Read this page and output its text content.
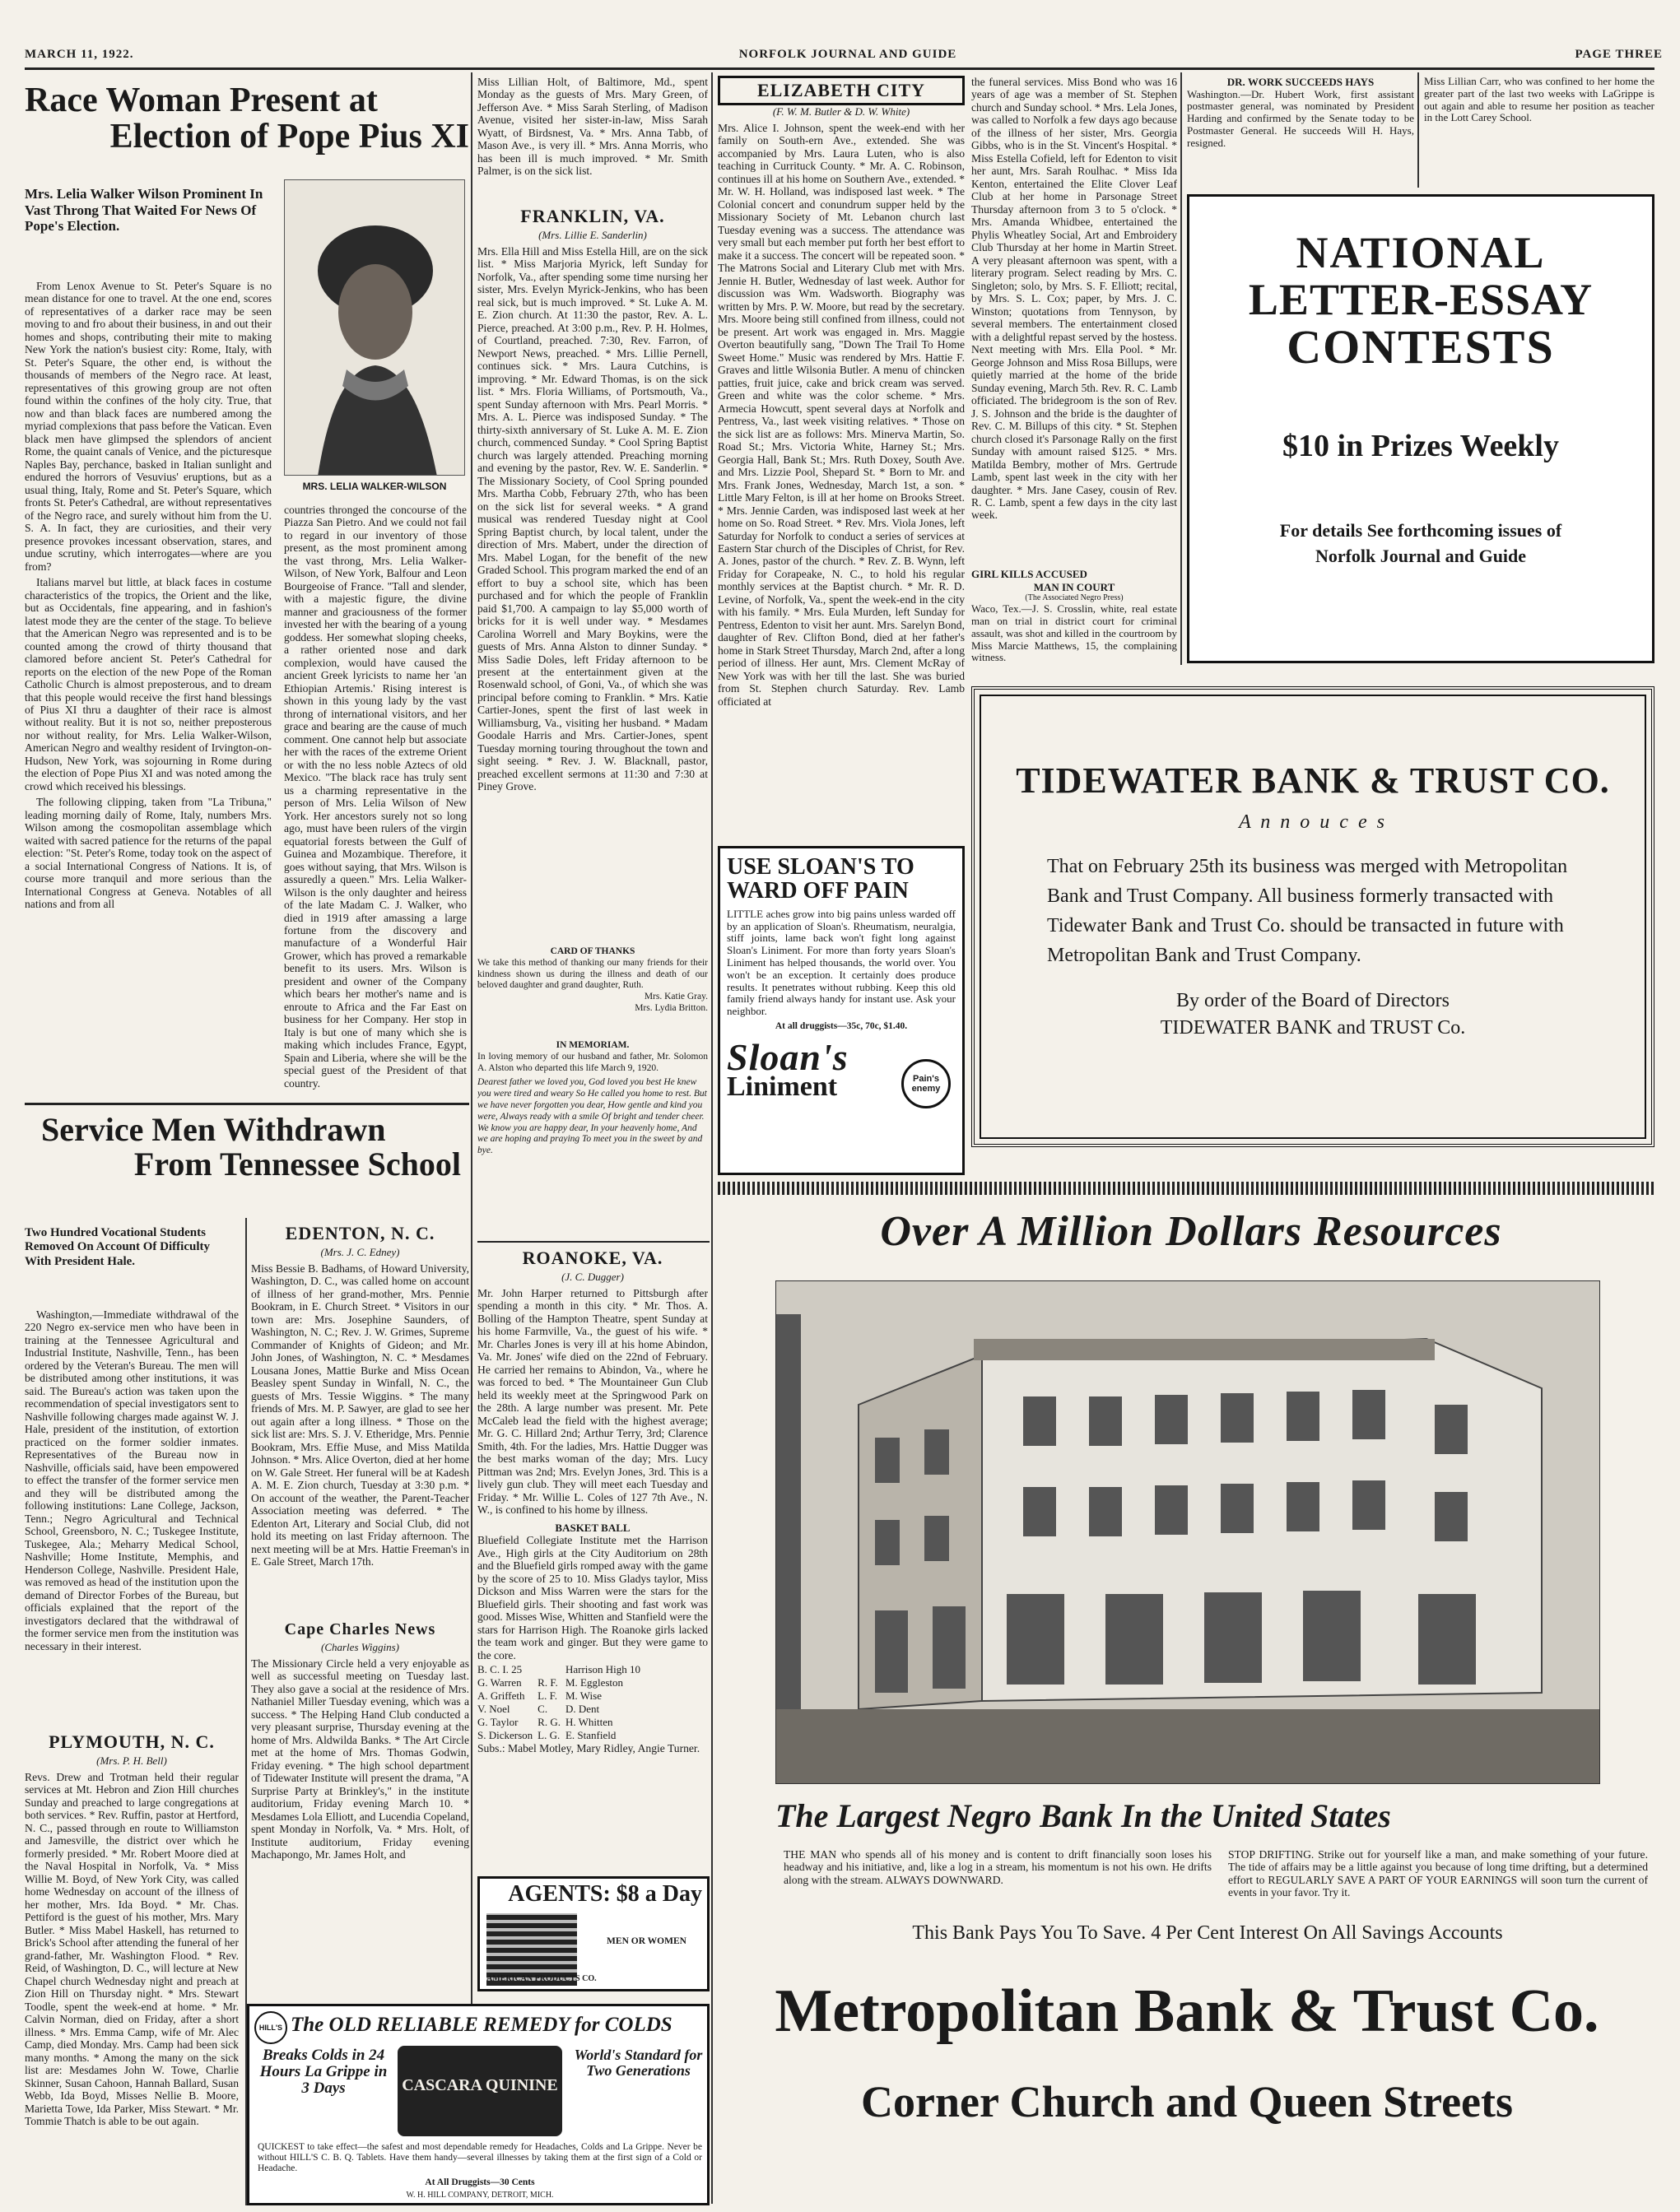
MARCH 11, 1922.	NORFOLK JOURNAL AND GUIDE	PAGE THREE
Race Woman Present at
Election of Pope Pius XI
Mrs. Lelia Walker Wilson Prominent In Vast Throng That Waited For News Of Pope's Election.

From Lenox Avenue to St. Peter's Square is no mean distance for one to travel. At the one end, scores of representatives of a darker race may be seen moving to and fro about their business, in and out their homes and shops, contributing their mite to making New York the nation's busiest city: Rome, Italy, with St. Peter's Square, the other end, is without the thousands of members of the Negro race. At least, representatives of this growing group are not often found within the confines of the holy city. True, that now and than black faces are numbered among the myriad complexions that pass before the Vatican. Even black men have glimpsed the splendors of ancient Rome, the quaint canals of Venice, and the picturesque Naples Bay, perchance, basked in Italian sunlight and endured the horrors of Vesuvius' eruptions, but as a usual thing, Italy, Rome and St. Peter's Square, which fronts St. Peter's Cathedral, are without representatives of the Negro race, and surely without him from the U. S. A. In fact, they are curiosities, and their very presence provokes incessant observation, stares, and undue scrutiny, which interrogates—where are you from?

Italians marvel but little, at black faces in costume characteristics of the tropics, the Orient and the like, but as Occidentals, fine appearing, and in fashion's latest mode they are the center of the stage. To believe that the American Negro was represented and is to be counted among the crowd of thirty thousand that clamored before ancient St. Peter's Cathedral for reports on the election of the new Pope of the Roman Catholic Church is almost preposterous, and to dream that this people would receive the first hand blessings of Pius XI thru a daughter of their race is almost without reality. But it is not so, neither preposterous nor without reality, for Mrs. Lelia Walker-Wilson, American Negro and wealthy resident of Irvington-on-Hudson, New York, was sojourning in Rome during the election of Pope Pius XI and was noted among the crowd which received his blessings.

The following clipping, taken from "La Tribuna," leading morning daily of Rome, Italy, numbers Mrs. Wilson among the cosmopolitan assemblage which waited with sacred patience for the returns of the papal election: "St. Peter's Rome, today took on the aspect of a social International Congress of Nations. It is, of course more tranquil and more serious than the International Congress at Geneva. Notables of all nations and from all

MRS. LELIA WALKER-WILSON

countries thronged the concourse of the Piazza San Pietro. And we could not fail to regard in our inventory of those present, as the most prominent among the vast throng, Mrs. Lelia Walker-Wilson, of New York, Balfour and Leon Bourgeoise of France. "Tall and slender, with a majestic figure, the divine manner and graciousness of the former invested her with the bearing of a young goddess. Her somewhat sloping cheeks, a rather oriented nose and dark complexion, would have caused the ancient Greek lyricists to name her 'an Ethiopian Artemis.' Rising interest is shown in this young lady by the vast throng of international visitors, and her grace and bearing are the cause of much comment. One cannot help but associate her with the races of the extreme Orient or with the no less noble Aztecs of old Mexico. "The black race has truly sent us a charming representative in the person of Mrs. Lelia Wilson of New York. Her ancestors surely not so long ago, must have been rulers of the virgin equatorial forests between the Gulf of Guinea and Mozambique. Therefore, it goes without saying, that Mrs. Wilson is assuredly a queen." Mrs. Lelia Walker-Wilson is the only daughter and heiress of the late Madam C. J. Walker, who died in 1919 after amassing a large fortune from the discovery and manufacture of a Wonderful Hair Grower, which has proved a remarkable benefit to its users. Mrs. Wilson is president and owner of the Company which bears her mother's name and is enroute to Africa and the Far East on business for her Company. Her stop in Italy is but one of many which she is making which includes France, Egypt, Spain and Liberia, where she will be the special guest of the President of that country.

Service Men Withdrawn
From Tennessee School
Two Hundred Vocational Students Removed On Account Of Difficulty With President Hale.

Washington,—Immediate withdrawal of the 220 Negro ex-service men who have been in training at the Tennessee Agricultural and Industrial Institute, Nashville, Tenn., has been ordered by the Veteran's Bureau. The men will be distributed among other institutions, it was said. The Bureau's action was taken upon the recommendation of special investigators sent to Nashville following charges made against W. J. Hale, president of the institution, of extortion practiced on the former soldier inmates. Representatives of the Bureau now in Nashville, officials said, have been empowered to effect the transfer of the former service men and they will be distributed among the following institutions: Lane College, Jackson, Tenn.; Negro Agricultural and Technical School, Greensboro, N. C.; Tuskegee Institute, Tuskegee, Ala.; Meharry Medical School, Nashville; Home Institute, Memphis, and Henderson College, Nashville. President Hale, was removed as head of the institution upon the demand of Director Forbes of the Bureau, but officials explained that the report of the investigators declared that the withdrawal of the former service men from the institution was necessary in their interest.

PLYMOUTH, N. C.
(Mrs. P. H. Bell)
Revs. Drew and Trotman held their regular services at Mt. Hebron and Zion Hill churches Sunday and preached to large congregations at both services. * Rev. Ruffin, pastor at Hertford, N. C., passed through en route to Williamston and Jamesville, the district over which he formerly presided. * Mr. Robert Moore died at the Naval Hospital in Norfolk, Va. * Miss Willie M. Boyd, of New York City, was called home Wednesday on account of the illness of her mother, Mrs. Ida Boyd. * Mr. Chas. Pettiford is the guest of his mother, Mrs. Mary Butler. * Miss Mabel Haskell, has returned to Brick's School after attending the funeral of her grand-father, Mr. Washington Flood. * Rev. Reid, of Washington, D. C., will lecture at New Chapel church Wednesday night and preach at Zion Hill on Thursday night. * Mrs. Stewart Toodle, spent the week-end at home. * Mr. Calvin Norman, died on Friday, after a short illness. * Mrs. Emma Camp, wife of Mr. Alec Camp, died Monday. Mrs. Camp had been sick many months. * Among the many on the sick list are: Mesdames John W. Towe, Charlie Skinner, Susan Cahoon, Hannah Ballard, Susan Webb, Ida Boyd, Misses Nellie B. Moore, Marietta Towe, Ida Parker, Miss Stewart. * Mr. Tommie Thatch is able to be out again.
EDENTON, N. C.
(Mrs. J. C. Edney)
Miss Bessie B. Badhams, of Howard University, Washington, D. C., was called home on account of illness of her grand-mother, Mrs. Pennie Bookram, in E. Church Street. * Visitors in our town are: Mrs. Josephine Saunders, of Washington, N. C.; Rev. J. W. Grimes, Supreme Commander of Knights of Gideon; and Mr. John Jones, of Washington, N. C. * Mesdames Lousana Jones, Mattie Burke and Miss Ocean Beasley spent Sunday in Winfall, N. C., the guests of Mrs. Tessie Wiggins. * The many friends of Mrs. M. P. Sawyer, are glad to see her out again after a long illness. * Those on the sick list are: Mrs. S. J. V. Etheridge, Mrs. Pennie Bookram, Mrs. Effie Muse, and Miss Matilda Johnson. * Mrs. Alice Overton, died at her home on W. Gale Street. Her funeral will be at Kadesh A. M. E. Zion church, Tuesday at 3:30 p.m. * On account of the weather, the Parent-Teacher Association meeting was deferred. * The Edenton Art, Literary and Social Club, did not hold its meeting on last Friday afternoon. The next meeting will be at Mrs. Hattie Freeman's in E. Gale Street, March 17th.
Cape Charles News
(Charles Wiggins)
The Missionary Circle held a very enjoyable as well as successful meeting on Tuesday last. They also gave a social at the residence of Mrs. Nathaniel Miller Tuesday evening, which was a success. * The Helping Hand Club conducted a very pleasant surprise, Thursday evening at the home of Mrs. Aldwilda Banks. * The Art Circle met at the home of Mrs. Thomas Godwin, Friday evening. * The high school department of Tidewater Institute will present the drama, "A Surprise Party at Brinkley's," in the institute auditorium, Friday evening March 10. * Mesdames Lola Elliott, and Lucendia Copeland, spent Monday in Norfolk, Va. * Mrs. Holt, of Institute auditorium, Friday evening Machapongo, Mr. James Holt, and
Miss Lillian Holt, of Baltimore, Md., spent Monday as the guests of Mrs. Mary Green, of Jefferson Ave. * Miss Sarah Sterling, of Madison Avenue, visited her sister-in-law, Miss Sarah Wyatt, of Birdsnest, Va. * Mrs. Anna Tabb, of Mason Ave., is very ill. * Mrs. Anna Morris, who has been ill is much improved. * Mr. Smith Palmer, is on the sick list.
FRANKLIN, VA.
(Mrs. Lillie E. Sanderlin)
Mrs. Ella Hill and Miss Estella Hill, are on the sick list. * Miss Marjoria Myrick, left Sunday for Norfolk, Va., after spending some time nursing her sister, Mrs. Evelyn Myrick-Jenkins, who has been real sick, but is much improved. * St. Luke A. M. E. Zion church. At 11:30 the pastor, Rev. A. L. Pierce, preached. At 3:00 p.m., Rev. P. H. Holmes, of Courtland, preached. 7:30, Rev. Farron, of Newport News, preached. * Mrs. Lillie Pernell, continues sick. * Mrs. Laura Cutchins, is improving. * Mr. Edward Thomas, is on the sick list. * Mrs. Floria Williams, of Portsmouth, Va., spent Sunday afternoon with Mrs. Pearl Morris. * Mrs. A. L. Pierce was indisposed Sunday. * The thirty-sixth anniversary of St. Luke A. M. E. Zion church, commenced Sunday. * Cool Spring Baptist church was largely attended. Preaching morning and evening by the pastor, Rev. W. E. Sanderlin. * The Missionary Society, of Cool Spring pounded Mrs. Martha Cobb, February 27th, who has been on the sick list for several weeks. * A grand musical was rendered Tuesday night at Cool Spring Baptist church, by local talent, under the direction of Mrs. Mabert, under the direction of Mrs. Mabel Logan, for the benefit of the new Graded School. This program marked the end of an effort to buy a school site, which has been purchased and for which the people of Franklin paid $1,700. A campaign to lay $5,000 worth of bricks for it is well under way. * Mesdames Carolina Worrell and Mary Boykins, were the guests of Mrs. Anna Alston to dinner Sunday. * Miss Sadie Doles, left Friday afternoon to be present at the entertainment given at the Rosenwald school, of Goni, Va., of which she was principal before coming to Franklin. * Mrs. Katie Cartier-Jones, spent the first of last week in Williamsburg, Va., visiting her husband. * Madam Goodale Harris and Mrs. Cartier-Jones, spent Tuesday morning touring throughout the town and sight seeing. * Rev. J. W. Blacknall, pastor, preached excellent sermons at 11:30 and 7:30 at Piney Grove.
CARD OF THANKS
We take this method of thanking our many friends for their kindness shown us during the illness and death of our beloved daughter and grand daughter, Ruth.
Mrs. Katie Gray.
Mrs. Lydia Britton.
IN MEMORIAM.
In loving memory of our husband and father, Mr. Solomon A. Alston who departed this life March 9, 1920.
Dearest father we loved you, God loved you best He knew you were tired and weary So He called you home to rest. But we have never forgotten you dear, How gentle and kind you were, Always ready with a smile Of bright and tender cheer. We know you are happy dear, In your heavenly home, And we are hoping and praying To meet you in the sweet by and bye.
ROANOKE, VA.
(J. C. Dugger)
Mr. John Harper returned to Pittsburgh after spending a month in this city. * Mr. Thos. A. Bolling of the Hampton Theatre, spent Sunday at his home Farmville, Va., the guest of his wife. * Mr. Charles Jones is very ill at his home Abindon, Va. Mr. Jones' wife died on the 22nd of February. He carried her remains to Abindon, Va., where he was forced to bed. * The Mountaineer Gun Club held its weekly meet at the Springwood Park on the 28th. A large number was present. Mr. Pete McCaleb lead the field with the highest average; Mr. G. C. Hillard 2nd; Arthur Terry, 3rd; Clarence Smith, 4th. For the ladies, Mrs. Hattie Dugger was the best marks woman of the day; Mrs. Lucy Pittman was 2nd; Mrs. Evelyn Jones, 3rd. This is a lively gun club. They will meet each Tuesday and Friday. * Mr. Willie L. Coles of 127 7th Ave., N. W., is confined to his home by illness.
BASKET BALL
Bluefield Collegiate Institute met the Harrison Ave., High girls at the City Auditorium on 28th and the Bluefield girls romped away with the game by the score of 25 to 10. Miss Gladys taylor, Miss Dickson and Miss Warren were the stars for the Bluefield girls. Their shooting and fast work was good. Misses Wise, Whitten and Stanfield were the stars for Harrison High. The Roanoke girls lacked the team work and ginger. But they were game to the core.
B. C. I. 25		Harrison High 10
G. Warren	R. F.	M. Eggleston
A. Griffeth	L. F.	M. Wise
V. Noel	C.	D. Dent
G. Taylor	R. G.	H. Whitten
S. Dickerson	L. G.	E. Stanfield
Subs.: Mabel Motley, Mary Ridley, Angie Turner.
AGENTS: $8 a Day
MEN OR WOMEN
AMERICAN PRODUCTS CO.
HILL'S The OLD RELIABLE REMEDY for COLDS
Breaks Colds in 24 Hours La Grippe in 3 Days	CASCARA QUININE
World's Standard for Two Generations
QUICKEST to take effect—the safest and most dependable remedy for Headaches, Colds and La Grippe. Never be without HILL'S C. B. Q. Tablets. Have them handy—several illnesses by taking them at the first sign of a Cold or Headache.
At All Druggists—30 Cents
W. H. HILL COMPANY, DETROIT, MICH.
ELIZABETH CITY
(F. W. M. Butler & D. W. White)
Mrs. Alice I. Johnson, spent the week-end with her family on South-ern Ave., extended. She was accompanied by Mrs. Laura Luten, who is also teaching in Currituck County. * Mr. A. C. Robinson, continues ill at his home on Southern Ave., extended. * Mr. W. H. Holland, was indisposed last week. * The Colonial concert and conundrum supper held by the Missionary Society of Mt. Lebanon church last Tuesday evening was a success. The attendance was very small but each member put forth her best effort to make it a success. The concert will be repeated soon. * The Matrons Social and Literary Club met with Mrs. Jennie H. Butler, Wednesday of last week. Author for discussion was Wm. Wadsworth. Biography was written by Mrs. P. W. Moore, but read by the secretary. Mrs. Moore being still confined from illness, could not be present. Art work was engaged in. Mrs. Maggie Overton beautifully sang, "Down The Trail To Home Sweet Home." Music was rendered by Mrs. Hattie F. Graves and little Wilsonia Butler. A menu of chincken patties, fruit juice, cake and brick cream was served. Green and white was the color scheme. * Mrs. Armecia Howcutt, spent several days at Norfolk and Pentress, Va., last week visiting relatives. * Those on the sick list are as follows: Mrs. Minerva Martin, So. Road St.; Mrs. Victoria White, Harney St.; Mrs. Georgia Hall, Bank St.; Mrs. Ruth Doxey, South Ave. and Mrs. Lizzie Pool, Shepard St. * Born to Mr. and Mrs. Frank Jones, Wednesday, March 1st, a son. * Little Mary Felton, is ill at her home on Brooks Street. * Mrs. Jennie Carden, was indisposed last week at her home on So. Road Street. * Rev. Mrs. Viola Jones, left Saturday for Norfolk to conduct a series of services at Eastern Star church of the Disciples of Christ, for Rev. A. Jones, pastor of the church. * Rev. Z. B. Wynn, left Friday for Corapeake, N. C., to hold his regular monthly services at the Baptist church. * Mr. R. D. Levine, of Norfolk, Va., spent the week-end in the city with his family. * Mrs. Eula Murden, left Sunday for Pentress, Edenton to visit her aunt. Mrs. Sarelyn Bond, daughter of Rev. Clifton Bond, died at her father's home in Stark Street Thursday, March 2nd, after a long period of illness. Her aunt, Mrs. Clement McRay of New York was with her till the last. She was buried from St. Stephen church Saturday. Rev. Lamb officiated at
USE SLOAN'S TO
WARD OFF PAIN
LITTLE aches grow into big pains unless warded off by an application of Sloan's. Rheumatism, neuralgia, stiff joints, lame back won't fight long against Sloan's Liniment. For more than forty years Sloan's Liniment has helped thousands, the world over. You won't be an exception. It certainly does produce results. It penetrates without rubbing. Keep this old family friend always handy for instant use. Ask your neighbor.
At all druggists—35c, 70c, $1.40.
Sloan's
Liniment	Pain's enemy
the funeral services. Miss Bond who was 16 years of age was a member of St. Stephen church and Sunday school. * Mrs. Lela Jones, was called to Norfolk a few days ago because of the illness of her sister, Mrs. Georgia Gibbs, who is in the St. Vincent's Hospital. * Miss Estella Cofield, left for Edenton to visit her aunt, Mrs. Sarah Roulhac. * Miss Ida Kenton, entertained the Elite Clover Leaf Club at her home in Parsonage Street Thursday afternoon from 3 to 5 o'clock. * Mrs. Amanda Whidbee, entertained the Phylis Wheatley Social, Art and Embroidery Club Thursday at her home in Martin Street. A very pleasant afternoon was spent, with a literary program. Select reading by Mrs. C. Singleton; solo, by Mrs. S. F. Elliott; recital, by Mrs. S. L. Cox; paper, by Mrs. J. C. Winston; quotations from Tennyson, by several members. The entertainment closed with a delightful repast served by the hostess. Next meeting with Mrs. Ella Pool. * Mr. George Johnson and Miss Rosa Billups, were quietly married at the home of the bride Sunday evening, March 5th. Rev. R. C. Lamb officiated. The bridegroom is the son of Rev. J. S. Johnson and the bride is the daughter of Rev. C. M. Billups of this city. * St. Stephen church closed it's Parsonage Rally on the first Sunday with amount raised $125. * Mrs. Matilda Bembry, mother of Mrs. Gertrude Lamb, spent last week in the city with her daughter. * Mrs. Jane Casey, cousin of Rev. R. C. Lamb, spent a few days in the city last week.
GIRL KILLS ACCUSED
MAN IN COURT
(The Associated Negro Press)
Waco, Tex.—J. S. Crosslin, white, real estate man on trial in district court for criminal assault, was shot and killed in the courtroom by Miss Marcie Matthews, 15, the complaining witness.
DR. WORK SUCCEEDS HAYS
Washington.—Dr. Hubert Work, first assistant postmaster general, was nominated by President Harding and confirmed by the Senate today to be Postmaster General. He succeeds Will H. Hays, resigned.
Miss Lillian Carr, who was confined to her home the greater part of the last two weeks with LaGrippe is out again and able to resume her position as teacher in the Lott Carey School.
NATIONAL
LETTER-ESSAY
CONTESTS
$10 in Prizes Weekly
For details See forthcoming issues of
Norfolk Journal and Guide
TIDEWATER BANK & TRUST CO.
A n n o u c e s
That on February 25th its business was merged with Metropolitan Bank and Trust Company. All business formerly transacted with Tidewater Bank and Trust Co. should be transacted in future with Metropolitan Bank and Trust Company.
By order of the Board of Directors
TIDEWATER BANK and TRUST Co.
Over A Million Dollars Resources
The Largest Negro Bank In the United States
THE MAN who spends all of his money and is content to drift financially soon loses his headway and his initiative, and, like a log in a stream, his momentum is not his own. He drifts along with the stream. ALWAYS DOWNWARD.
STOP DRIFTING. Strike out for yourself like a man, and make something of your future. The tide of affairs may be a little against you because of long time drifting, but a determined effort to REGULARLY SAVE A PART OF YOUR EARNINGS will soon turn the current of events in your favor. Try it.
This Bank Pays You To Save. 4 Per Cent Interest On All Savings Accounts
Metropolitan Bank & Trust Co.
Corner Church and Queen Streets
